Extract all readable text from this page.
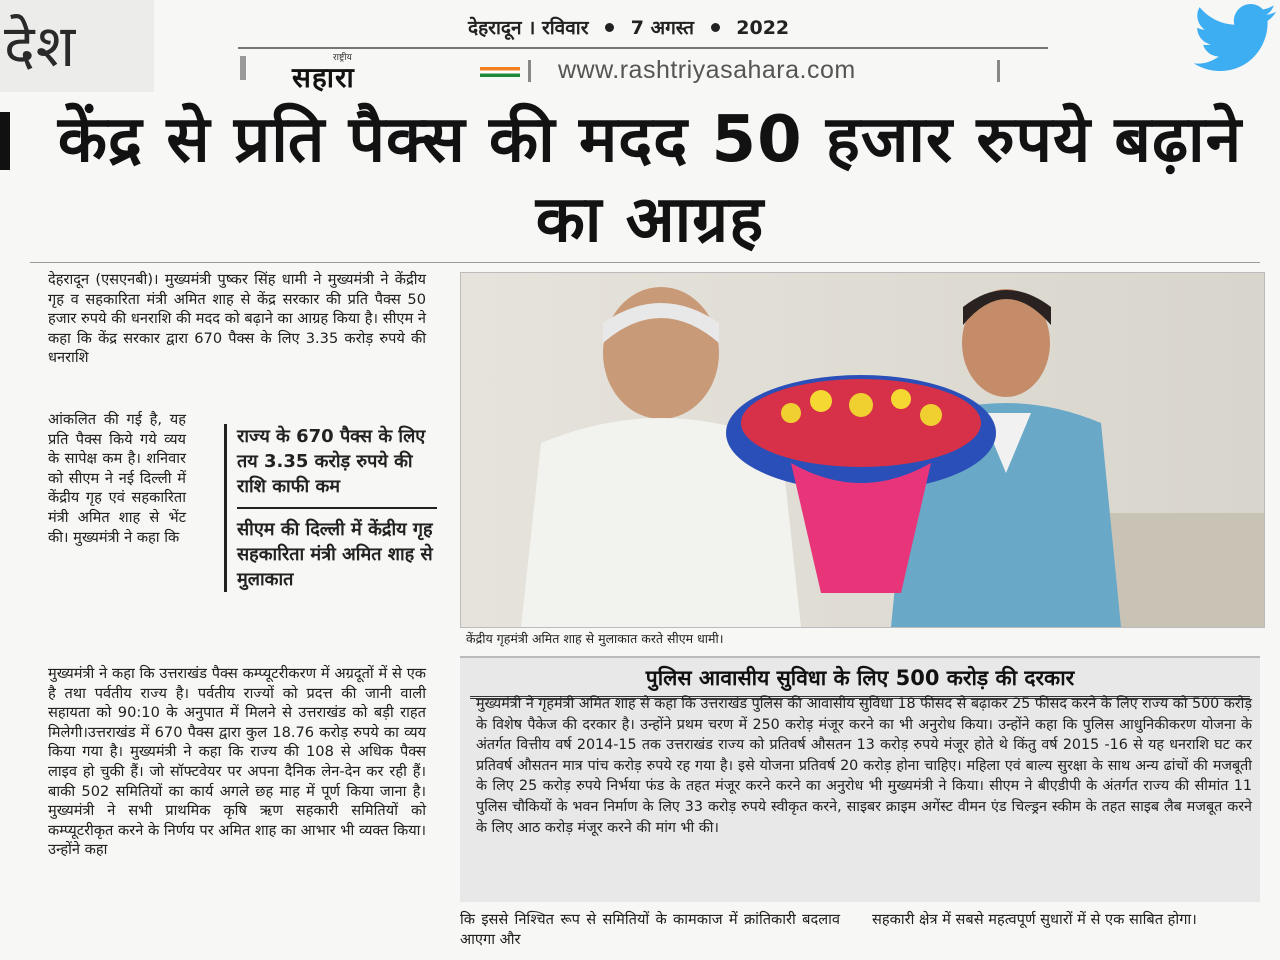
देश	देहरादून । रविवार 7 अगस्त 2022
राष्ट्रीय
सहारा	www.rashtriyasahara.com
केंद्र से प्रति पैक्स की मदद 50 हजार रुपये बढ़ाने का आग्रह
देहरादून (एसएनबी)। मुख्यमंत्री पुष्कर सिंह धामी ने मुख्यमंत्री ने केंद्रीय गृह व सहकारिता मंत्री अमित शाह से केंद्र सरकार की प्रति पैक्स 50 हजार रुपये की धनराशि की मदद को बढ़ाने का आग्रह किया है। सीएम ने कहा कि केंद्र सरकार द्वारा 670 पैक्स के लिए 3.35 करोड़ रुपये की धनराशि
आंकलित की गई है, यह प्रति पैक्स किये गये व्यय के सापेक्ष कम है। शनिवार को सीएम ने नई दिल्ली में केंद्रीय गृह एवं सहकारिता मंत्री अमित शाह से भेंट की। मुख्यमंत्री ने कहा कि
राज्य के 670 पैक्स के लिए तय 3.35 करोड़ रुपये की राशि काफी कम
सीएम की दिल्ली में केंद्रीय गृह सहकारिता मंत्री अमित शाह से मुलाकात
मुख्यमंत्री ने कहा कि उत्तराखंड पैक्स कम्प्यूटरीकरण में अग्रदूतों में से एक है तथा पर्वतीय राज्य है। पर्वतीय राज्यों को प्रदत्त की जानी वाली सहायता को 90:10 के अनुपात में मिलने से उत्तराखंड को बड़ी राहत मिलेगी।उत्तराखंड में 670 पैक्स द्वारा कुल 18.76 करोड़ रुपये का व्यय किया गया है। मुख्यमंत्री ने कहा कि राज्य की 108 से अधिक पैक्स लाइव हो चुकी हैं। जो सॉफ्टवेयर पर अपना दैनिक लेन-देन कर रही हैं। बाकी 502 समितियों का कार्य अगले छह माह में पूर्ण किया जाना है। मुख्यमंत्री ने सभी प्राथमिक कृषि ऋण सहकारी समितियों को कम्प्यूटरीकृत करने के निर्णय पर अमित शाह का आभार भी व्यक्त किया। उन्होंने कहा
केंद्रीय गृहमंत्री अमित शाह से मुलाकात करते सीएम धामी।
पुलिस आवासीय सुविधा के लिए 500 करोड़ की दरकार
मुख्यमंत्री ने गृहमंत्री अमित शाह से कहा कि उत्तराखंड पुलिस की आवासीय सुविधा 18 फीसद से बढ़ाकर 25 फीसद करने के लिए राज्य को 500 करोड़ के विशेष पैकेज की दरकार है। उन्होंने प्रथम चरण में 250 करोड़ मंजूर करने का भी अनुरोध किया। उन्होंने कहा कि पुलिस आधुनिकीकरण योजना के अंतर्गत वित्तीय वर्ष 2014-15 तक उत्तराखंड राज्य को प्रतिवर्ष औसतन 13 करोड़ रुपये मंजूर होते थे किंतु वर्ष 2015 -16 से यह धनराशि घट कर प्रतिवर्ष औसतन मात्र पांच करोड़ रुपये रह गया है। इसे योजना प्रतिवर्ष 20 करोड़ होना चाहिए। महिला एवं बाल्य सुरक्षा के साथ अन्य ढांचों की मजबूती के लिए 25 करोड़ रुपये निर्भया फंड के तहत मंजूर करने करने का अनुरोध भी मुख्यमंत्री ने किया। सीएम ने बीएडीपी के अंतर्गत राज्य की सीमांत 11 पुलिस चौकियों के भवन निर्माण के लिए 33 करोड़ रुपये स्वीकृत करने, साइबर क्राइम अगेंस्ट वीमन एंड चिल्ड्रन स्कीम के तहत साइब लैब मजबूत करने के लिए आठ करोड़ मंजूर करने की मांग भी की।
कि इससे निश्चित रूप से समितियों के कामकाज में क्रांतिकारी बदलाव आएगा और
सहकारी क्षेत्र में सबसे महत्वपूर्ण सुधारों में से एक साबित होगा।
